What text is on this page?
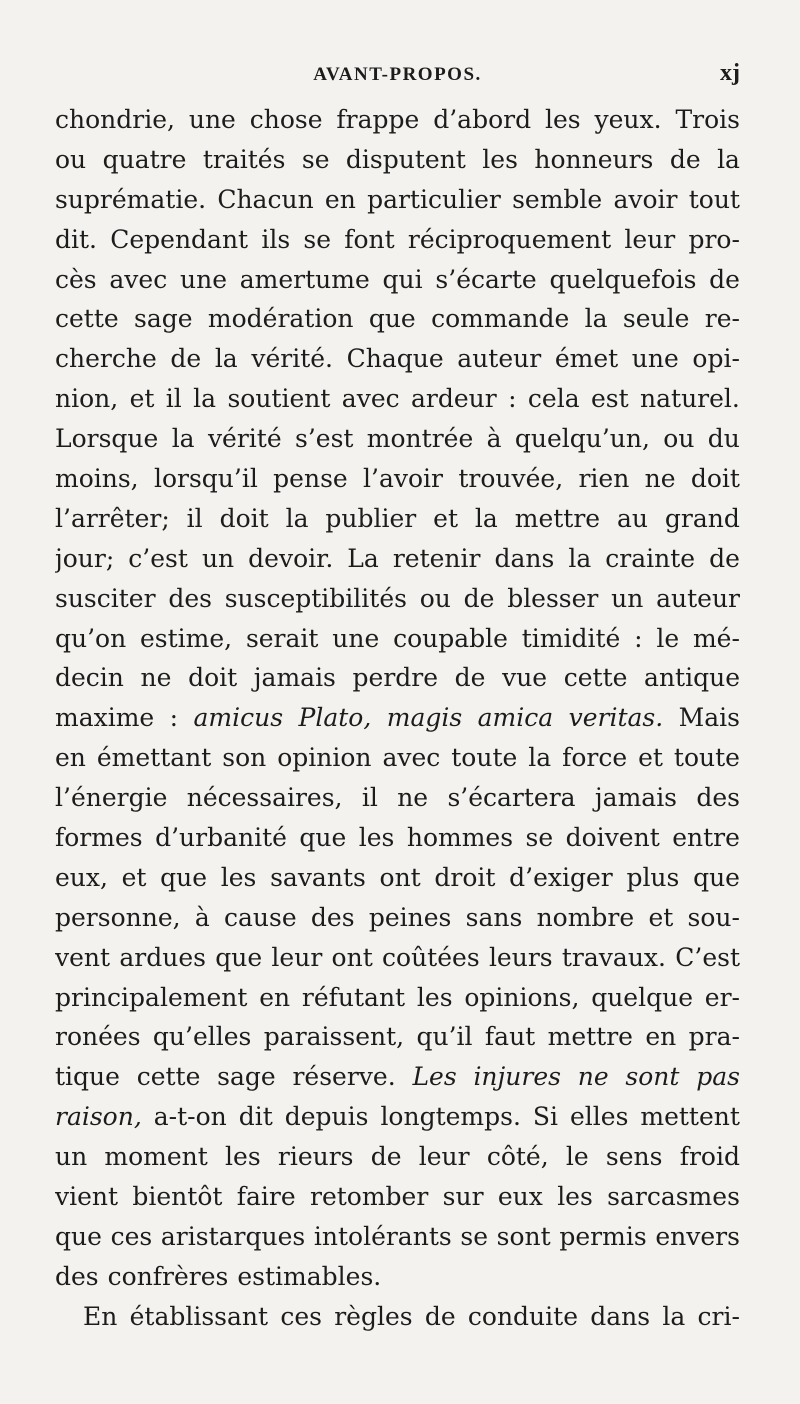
AVANT-PROPOS.	xj
chondrie, une chose frappe d’abord les yeux. Trois
ou quatre traités se disputent les honneurs de la
suprématie. Chacun en particulier semble avoir tout
dit. Cependant ils se font réciproquement leur pro-
cès avec une amertume qui s’écarte quelquefois de
cette sage modération que commande la seule re-
cherche de la vérité. Chaque auteur émet une opi-
nion, et il la soutient avec ardeur : cela est naturel.
Lorsque la vérité s’est montrée à quelqu’un, ou du
moins, lorsqu’il pense l’avoir trouvée, rien ne doit
l’arrêter; il doit la publier et la mettre au grand
jour; c’est un devoir. La retenir dans la crainte de
susciter des susceptibilités ou de blesser un auteur
qu’on estime, serait une coupable timidité : le mé-
decin ne doit jamais perdre de vue cette antique
maxime : amicus Plato, magis amica veritas. Mais
en émettant son opinion avec toute la force et toute
l’énergie nécessaires, il ne s’écartera jamais des
formes d’urbanité que les hommes se doivent entre
eux, et que les savants ont droit d’exiger plus que
personne, à cause des peines sans nombre et sou-
vent ardues que leur ont coûtées leurs travaux. C’est
principalement en réfutant les opinions, quelque er-
ronées qu’elles paraissent, qu’il faut mettre en pra-
tique cette sage réserve. Les injures ne sont pas
raison, a-t-on dit depuis longtemps. Si elles mettent
un moment les rieurs de leur côté, le sens froid
vient bientôt faire retomber sur eux les sarcasmes
que ces aristarques intolérants se sont permis envers
des confrères estimables.
En établissant ces règles de conduite dans la cri-
